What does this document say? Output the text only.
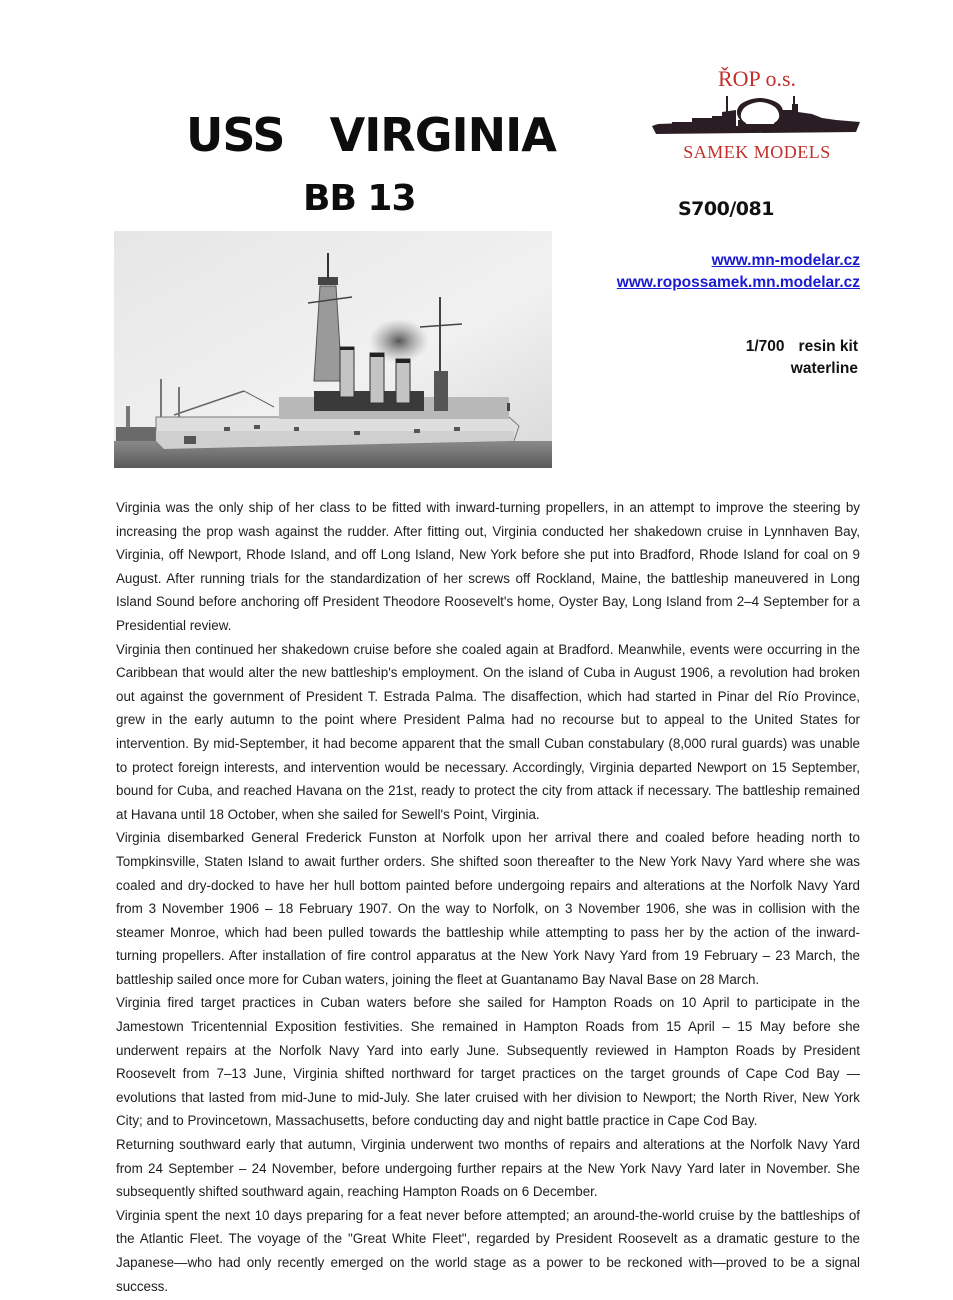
USS   VIRGINIA
BB 13
ŘOP o.s.
SAMEK MODELS
S700/081
www.mn-modelar.cz
www.ropossamek.mn.modelar.cz
1/700 resin kit
waterline

Virginia was the only ship of her class to be fitted with inward-turning propellers, in an attempt to improve the steering by increasing the prop wash against the rudder. After fitting out, Virginia conducted her shakedown cruise in Lynnhaven Bay, Virginia, off Newport, Rhode Island, and off Long Island, New York before she put into Bradford, Rhode Island for coal on 9 August. After running trials for the standardization of her screws off Rockland, Maine, the battleship maneuvered in Long Island Sound before anchoring off President Theodore Roosevelt's home, Oyster Bay, Long Island from 2–4 September for a Presidential review.

Virginia then continued her shakedown cruise before she coaled again at Bradford. Meanwhile, events were occurring in the Caribbean that would alter the new battleship's employment. On the island of Cuba in August 1906, a revolution had broken out against the government of President T. Estrada Palma. The disaffection, which had started in Pinar del Río Province, grew in the early autumn to the point where President Palma had no recourse but to appeal to the United States for intervention. By mid-September, it had become apparent that the small Cuban constabulary (8,000 rural guards) was unable to protect foreign interests, and intervention would be necessary. Accordingly, Virginia departed Newport on 15 September, bound for Cuba, and reached Havana on the 21st, ready to protect the city from attack if necessary. The battleship remained at Havana until 18 October, when she sailed for Sewell's Point, Virginia.

Virginia disembarked General Frederick Funston at Norfolk upon her arrival there and coaled before heading north to Tompkinsville, Staten Island to await further orders. She shifted soon thereafter to the New York Navy Yard where she was coaled and dry-docked to have her hull bottom painted before undergoing repairs and alterations at the Norfolk Navy Yard from 3 November 1906 – 18 February 1907. On the way to Norfolk, on 3 November 1906, she was in collision with the steamer Monroe, which had been pulled towards the battleship while attempting to pass her by the action of the inward-turning propellers. After installation of fire control apparatus at the New York Navy Yard from 19 February – 23 March, the battleship sailed once more for Cuban waters, joining the fleet at Guantanamo Bay Naval Base on 28 March.

Virginia fired target practices in Cuban waters before she sailed for Hampton Roads on 10 April to participate in the Jamestown Tricentennial Exposition festivities. She remained in Hampton Roads from 15 April – 15 May before she underwent repairs at the Norfolk Navy Yard into early June. Subsequently reviewed in Hampton Roads by President Roosevelt from 7–13 June, Virginia shifted northward for target practices on the target grounds of Cape Cod Bay — evolutions that lasted from mid-June to mid-July. She later cruised with her division to Newport; the North River, New York City; and to Provincetown, Massachusetts, before conducting day and night battle practice in Cape Cod Bay.

Returning southward early that autumn, Virginia underwent two months of repairs and alterations at the Norfolk Navy Yard from 24 September – 24 November, before undergoing further repairs at the New York Navy Yard later in November. She subsequently shifted southward again, reaching Hampton Roads on 6 December.

Virginia spent the next 10 days preparing for a feat never before attempted; an around-the-world cruise by the battleships of the Atlantic Fleet. The voyage of the "Great White Fleet", regarded by President Roosevelt as a dramatic gesture to the Japanese—who had only recently emerged on the world stage as a power to be reckoned with—proved to be a signal success.
